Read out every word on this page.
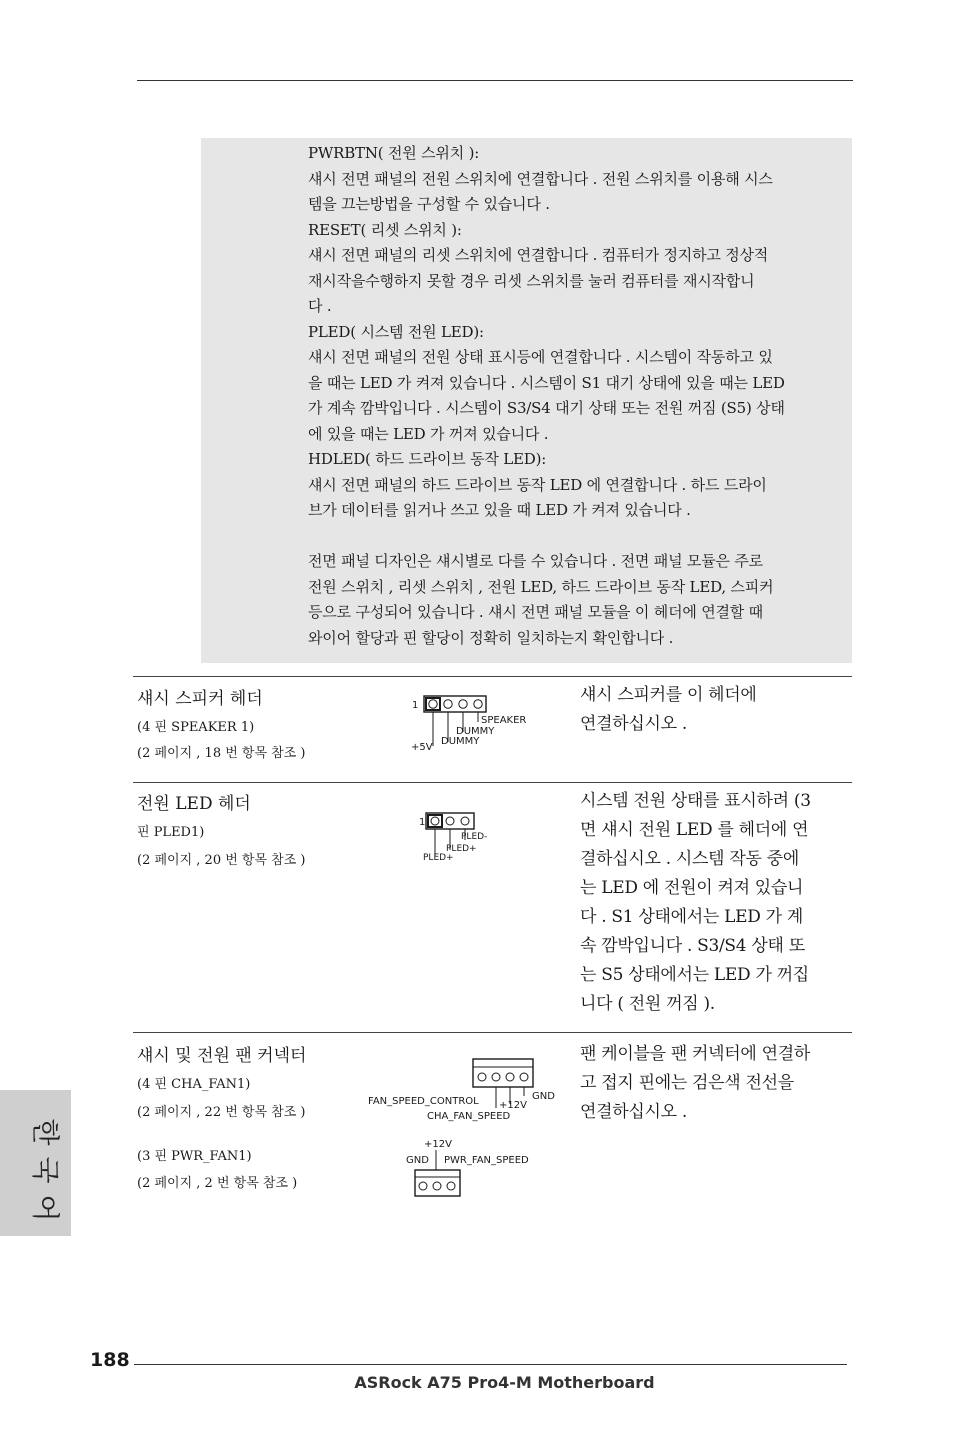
PWRBTN( 전원 스위치 ):
섀시 전면 패널의 전원 스위치에 연결합니다 . 전원 스위치를 이용해 시스
템을 끄는방법을 구성할 수 있습니다 .
RESET( 리셋 스위치 ):
섀시 전면 패널의 리셋 스위치에 연결합니다 . 컴퓨터가 정지하고 정상적
재시작을수행하지 못할 경우 리셋 스위치를 눌러 컴퓨터를 재시작합니
다 .
PLED( 시스템 전원 LED):
섀시 전면 패널의 전원 상태 표시등에 연결합니다 . 시스템이 작동하고 있
을 때는 LED 가 켜져 있습니다 . 시스템이 S1 대기 상태에 있을 때는 LED
가 계속 깜박입니다 . 시스템이 S3/S4 대기 상태 또는 전원 꺼짐 (S5) 상태
에 있을 때는 LED 가 꺼져 있습니다 .
HDLED( 하드 드라이브 동작 LED):
섀시 전면 패널의 하드 드라이브 동작 LED 에 연결합니다 . 하드 드라이
브가 데이터를 읽거나 쓰고 있을 때 LED 가 켜져 있습니다 .
전면 패널 디자인은 섀시별로 다를 수 있습니다 . 전면 패널 모듈은 주로
전원 스위치 , 리셋 스위치 , 전원 LED, 하드 드라이브 동작 LED, 스피커
등으로 구성되어 있습니다 . 섀시 전면 패널 모듈을 이 헤더에 연결할 때
와이어 할당과 핀 할당이 정확히 일치하는지 확인합니다 .
섀시 스피커 헤더
(4 핀 SPEAKER 1)
(2 페이지 , 18 번 항목 참조 )
섀시 스피커를 이 헤더에
연결하십시오 .
1
SPEAKER
DUMMY
DUMMY
+5V
전원 LED 헤더
핀 PLED1)
(2 페이지 , 20 번 항목 참조 )
시스템 전원 상태를 표시하려 (3
면 섀시 전원 LED 를 헤더에 연
결하십시오 . 시스템 작동 중에
는 LED 에 전원이 켜져 있습니
다 . S1 상태에서는 LED 가 계
속 깜박입니다 . S3/S4 상태 또
는 S5 상태에서는 LED 가 꺼집
니다 ( 전원 꺼짐 ).
1
PLED-
PLED+
PLED+
섀시 및 전원 팬 커넥터
(4 핀 CHA_FAN1)
(2 페이지 , 22 번 항목 참조 )
(3 핀 PWR_FAN1)
(2 페이지 , 2 번 항목 참조 )
팬 케이블을 팬 커넥터에 연결하
고 접지 핀에는 검은색 전선을
연결하십시오 .
GND
+12V
FAN_SPEED_CONTROL
CHA_FAN_SPEED
+12V
GND PWR_FAN_SPEED
한
국
어
188
ASRock A75 Pro4-M Motherboard
